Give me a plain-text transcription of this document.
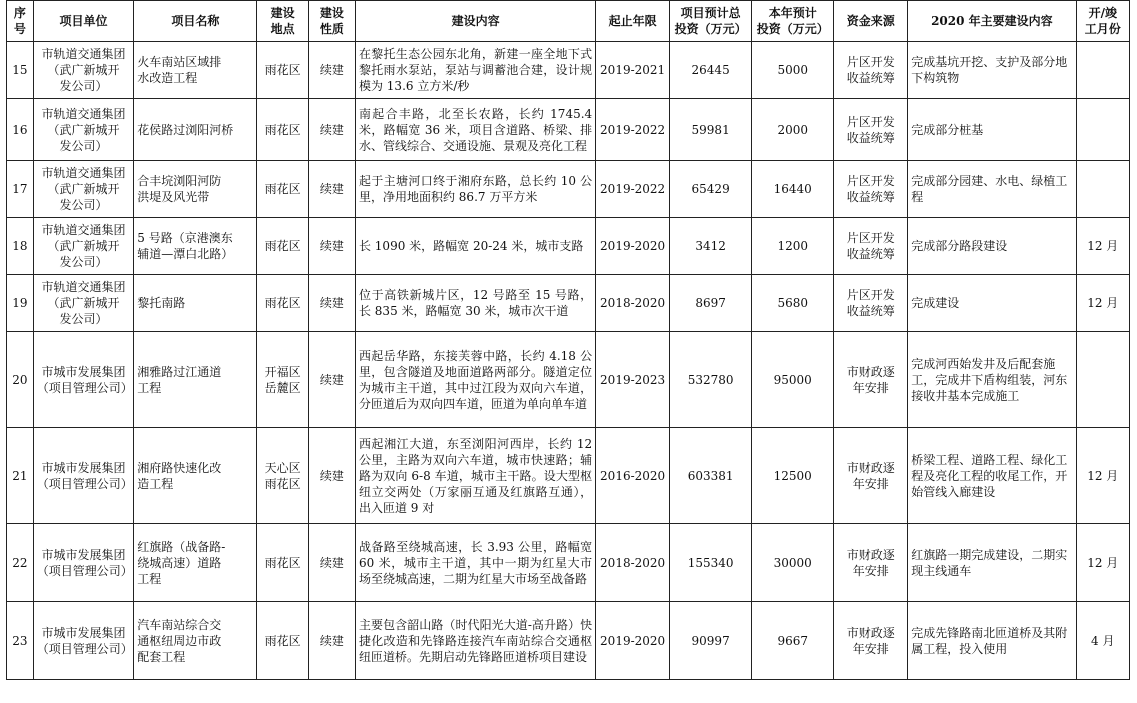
序
号	项目单位	项目名称	建设
地点	建设
性质	建设内容	起止年限	项目预计总
投资（万元）	本年预计
投资（万元）	资金来源	2020 年主要建设内容	开/竣
工月份

15	市轨道交通集团
（武广新城开
发公司）	火车南站区域排
水改造工程	雨花区	续建	在黎托生态公园东北角，新建一座全地下式黎托雨水泵站，泵站与调蓄池合建，设计规模为 13.6 立方米/秒	2019-2021	26445	5000	片区开发
收益统筹	完成基坑开挖、支护及部分地下构筑物	

16	市轨道交通集团
（武广新城开
发公司）	花侯路过浏阳河桥	雨花区	续建	南起合丰路，北至长农路，长约 1745.4 米，路幅宽 36 米，项目含道路、桥梁、排水、管线综合、交通设施、景观及亮化工程	2019-2022	59981	2000	片区开发
收益统筹	完成部分桩基	

17	市轨道交通集团
（武广新城开
发公司）	合丰垸浏阳河防
洪堤及风光带	雨花区	续建	起于主塘河口终于湘府东路，总长约 10 公里，净用地面积约 86.7 万平方米	2019-2022	65429	16440	片区开发
收益统筹	完成部分园建、水电、绿植工程	

18	市轨道交通集团
（武广新城开
发公司）	5 号路（京港澳东
辅道—潭白北路）	雨花区	续建	长 1090 米，路幅宽 20-24 米，城市支路	2019-2020	3412	1200	片区开发
收益统筹	完成部分路段建设	12 月

19	市轨道交通集团
（武广新城开
发公司）	黎托南路	雨花区	续建	位于高铁新城片区，12 号路至 15 号路，长 835 米，路幅宽 30 米，城市次干道	2018-2020	8697	5680	片区开发
收益统筹	完成建设	12 月

20	市城市发展集团
（项目管理公司）	湘雅路过江通道
工程	开福区
岳麓区	续建	西起岳华路，东接芙蓉中路，长约 4.18 公里，包含隧道及地面道路两部分。隧道定位为城市主干道，其中过江段为双向六车道，分匝道后为双向四车道，匝道为单向单车道	2019-2023	532780	95000	市财政逐
年安排	完成河西始发井及后配套施工，完成井下盾构组装，河东接收井基本完成施工	

21	市城市发展集团
（项目管理公司）	湘府路快速化改
造工程	天心区
雨花区	续建	西起湘江大道，东至浏阳河西岸，长约 12 公里，主路为双向六车道，城市快速路；辅路为双向 6-8 车道，城市主干路。设大型枢纽立交两处（万家丽互通及红旗路互通），出入匝道 9 对	2016-2020	603381	12500	市财政逐
年安排	桥梁工程、道路工程、绿化工程及亮化工程的收尾工作，开始管线入廊建设	12 月

22	市城市发展集团
（项目管理公司）	红旗路（战备路-
绕城高速）道路
工程	雨花区	续建	战备路至绕城高速，长 3.93 公里，路幅宽 60 米，城市主干道，其中一期为红星大市场至绕城高速，二期为红星大市场至战备路	2018-2020	155340	30000	市财政逐
年安排	红旗路一期完成建设，二期实现主线通车	12 月

23	市城市发展集团
（项目管理公司）	汽车南站综合交
通枢纽周边市政
配套工程	雨花区	续建	主要包含韶山路（时代阳光大道-高升路）快捷化改造和先锋路连接汽车南站综合交通枢纽匝道桥。先期启动先锋路匝道桥项目建设	2019-2020	90997	9667	市财政逐
年安排	完成先锋路南北匝道桥及其附属工程，投入使用	4 月
